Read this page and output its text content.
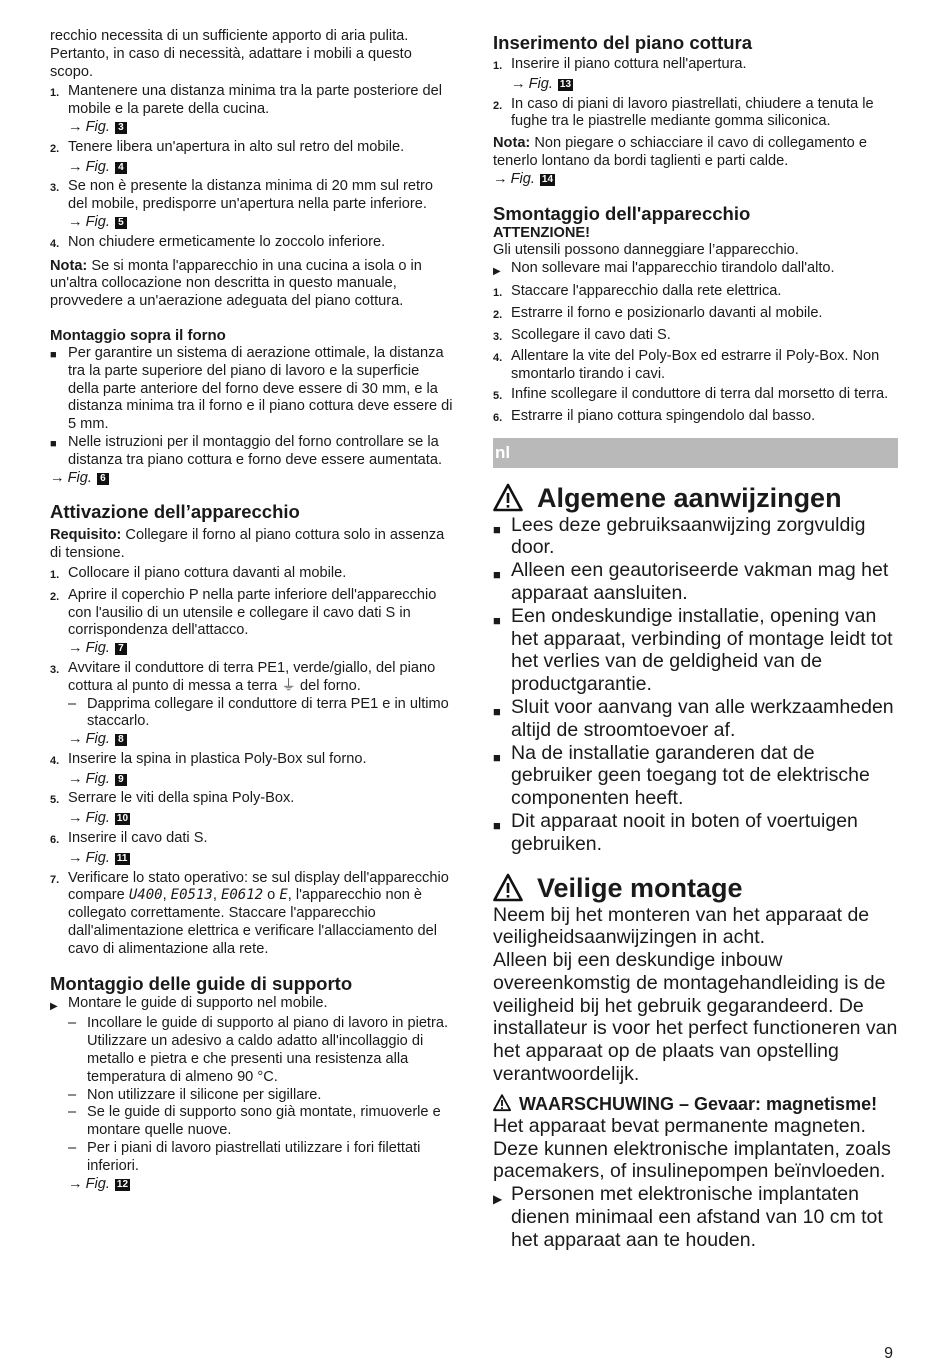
recchio necessita di un sufficiente apporto di aria pulita. Pertanto, in caso di necessità, adattare i mobili a questo scopo.

1. Mantenere una distanza minima tra la parte posteriore del mobile e la parete della cucina.
→ Fig. 3
2. Tenere libera un'apertura in alto sul retro del mobile.
→ Fig. 4
3. Se non è presente la distanza minima di 20 mm sul retro del mobile, predisporre un'apertura nella parte inferiore.
→ Fig. 5
4. Non chiudere ermeticamente lo zoccolo inferiore.

Nota: Se si monta l'apparecchio in una cucina a isola o in un'altra collocazione non descritta in questo manuale, provvedere a un'aerazione adeguata del piano cottura.

Montaggio sopra il forno
■ Per garantire un sistema di aerazione ottimale, la distanza tra la parte superiore del piano di lavoro e la superficie della parte anteriore del forno deve essere di 30 mm, e la distanza minima tra il forno e il piano cottura deve essere di 5 mm.
■ Nelle istruzioni per il montaggio del forno controllare se la distanza tra piano cottura e forno deve essere aumentata.
→ Fig. 6
Attivazione dell’apparecchio

Requisito: Collegare il forno al piano cottura solo in assenza di tensione.

1. Collocare il piano cottura davanti al mobile.
2. Aprire il coperchio P nella parte inferiore dell'apparecchio con l'ausilio di un utensile e collegare il cavo dati S in corrispondenza dell'attacco.
→ Fig. 7
3. Avvitare il conduttore di terra PE1, verde/giallo, del piano cottura al punto di messa a terra ⏚ del forno.
– Dapprima collegare il conduttore di terra PE1 e in ultimo staccarlo.
→ Fig. 8
4. Inserire la spina in plastica Poly-Box sul forno.
→ Fig. 9
5. Serrare le viti della spina Poly-Box.
→ Fig. 10
6. Inserire il cavo dati S.
→ Fig. 11
7. Verificare lo stato operativo: se sul display dell'apparecchio compare U400, E0513, E0612 o E, l'apparecchio non è collegato correttamente. Staccare l'apparecchio dall'alimentazione elettrica e verificare l'allacciamento del cavo di alimentazione alla rete.
Montaggio delle guide di supporto
▶ Montare le guide di supporto nel mobile.
– Incollare le guide di supporto al piano di lavoro in pietra. Utilizzare un adesivo a caldo adatto all'incollaggio di metallo e pietra e che presenti una resistenza alla temperatura di almeno 90 °C.
– Non utilizzare il silicone per sigillare.
– Se le guide di supporto sono già montate, rimuoverle e montare quelle nuove.
– Per i piani di lavoro piastrellati utilizzare i fori filettati inferiori.
→ Fig. 12
Inserimento del piano cottura
1. Inserire il piano cottura nell'apertura.
→ Fig. 13
2. In caso di piani di lavoro piastrellati, chiudere a tenuta le fughe tra le piastrelle mediante gomma siliconica.

Nota: Non piegare o schiacciare il cavo di collegamento e tenerlo lontano da bordi taglienti e parti calde.

→ Fig. 14
Smontaggio dell'apparecchio
ATTENZIONE!

Gli utensili possono danneggiare l’apparecchio.

▶ Non sollevare mai l'apparecchio tirandolo dall'alto.
1. Staccare l'apparecchio dalla rete elettrica.
2. Estrarre il forno e posizionarlo davanti al mobile.
3. Scollegare il cavo dati S.
4. Allentare la vite del Poly-Box ed estrarre il Poly-Box. Non smontarlo tirando i cavi.
5. Infine scollegare il conduttore di terra dal morsetto di terra.
6. Estrarre il piano cottura spingendolo dal basso.
nl
Algemene aanwijzingen
■ Lees deze gebruiksaanwijzing zorgvuldig door.
■ Alleen een geautoriseerde vakman mag het apparaat aansluiten.
■ Een ondeskundige installatie, opening van het apparaat, verbinding of montage leidt tot het verlies van de geldigheid van de productgarantie.
■ Sluit voor aanvang van alle werkzaamheden altijd de stroomtoevoer af.
■ Na de installatie garanderen dat de gebruiker geen toegang tot de elektrische componenten heeft.
■ Dit apparaat nooit in boten of voertuigen gebruiken.
Veilige montage

Neem bij het monteren van het apparaat de veiligheidsaanwijzingen in acht.

Alleen bij een deskundige inbouw overeenkomstig de montagehandleiding is de veiligheid bij het gebruik gegarandeerd. De installateur is voor het perfect functioneren van het apparaat op de plaats van opstelling verantwoordelijk.

WAARSCHUWING – Gevaar: magnetisme!

Het apparaat bevat permanente magneten. Deze kunnen elektronische implantaten, zoals pacemakers, of insulinepompen beïnvloeden.

▶ Personen met elektronische implantaten dienen minimaal een afstand van 10 cm tot het apparaat aan te houden.
9
